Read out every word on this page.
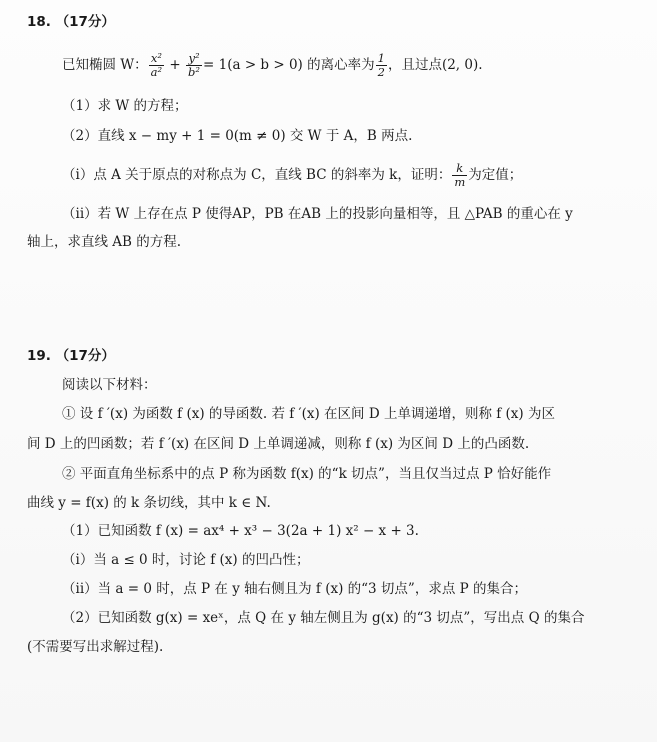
18. （17分）
已知椭圆 W： $\frac{\text{x²}}{\text{a²}} + \frac{\text{y²}}{\text{b²}} = 1(a > b > 0)$ 的离心率为 $\frac{1}{2}$ ，且过点(2, 0).
（1）求 W 的方程；
（2）直线 x − my + 1 = 0(m ≠ 0) 交 W 于 A，B 两点.
（i）点 A 关于原点的对称点为 C，直线 BC 的斜率为 k，证明： $\frac{k}{m}$ 为定值；
（ii）若 W 上存在点 P 使得AP，PB 在AB 上的投影向量相等，且 △PAB 的重心在 y
轴上，求直线 AB 的方程.
19. （17分）
阅读以下材料：
① 设 f ′(x) 为函数 f (x) 的导函数. 若 f ′(x) 在区间 D 上单调递增，则称 f (x) 为区
间 D 上的凹函数；若 f ′(x) 在区间 D 上单调递减，则称 f (x) 为区间 D 上的凸函数.
② 平面直角坐标系中的点 P 称为函数 f(x) 的“k 切点”，当且仅当过点 P 恰好能作
曲线 y = f(x) 的 k 条切线，其中 k ∈ N.
（1）已知函数 f (x) = ax⁴ + x³ − 3(2a + 1) x² − x + 3.
（i）当 a ≤ 0 时，讨论 f (x) 的凹凸性；
（ii）当 a = 0 时，点 P 在 y 轴右侧且为 f (x) 的“3 切点”，求点 P 的集合；
（2）已知函数 g(x) = xeˣ，点 Q 在 y 轴左侧且为 g(x) 的“3 切点”，写出点 Q 的集合
(不需要写出求解过程).
